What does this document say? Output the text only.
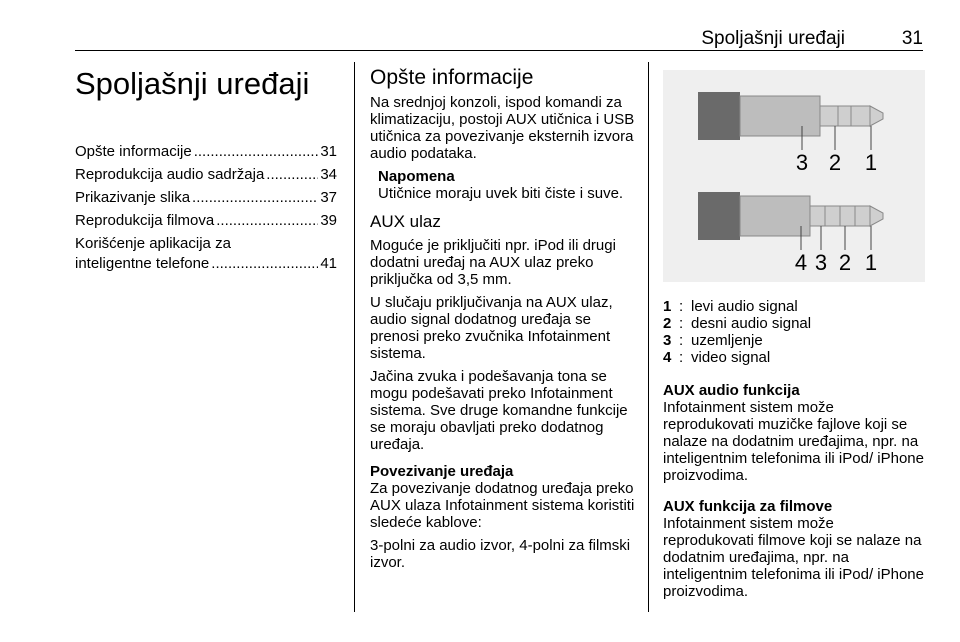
Spoljašnji uređaji	31
Spoljašnji uređaji
Opšte informacije .....	31
Reprodukcija audio sadržaja .....	34
Prikazivanje slika .....	37
Reprodukcija filmova .....	39
Korišćenje aplikacija za
inteligentne telefone .....	41
Opšte informacije

Na srednjoj konzoli, ispod komandi za klimatizaciju, postoji AUX utičnica i USB utičnica za povezivanje eksternih izvora audio podataka.

Napomena

Utičnice moraju uvek biti čiste i suve.

AUX ulaz

Moguće je priključiti npr. iPod ili drugi dodatni uređaj na AUX ulaz preko priključka od 3,5 mm.

U slučaju priključivanja na AUX ulaz, audio signal dodatnog uređaja se prenosi preko zvučnika Infotainment sistema.

Jačina zvuka i podešavanja tona se mogu podešavati preko Infotainment sistema. Sve druge komandne funkcije se moraju obavljati preko dodatnog uređaja.

Povezivanje uređaja

Za povezivanje dodatnog uređaja preko AUX ulaza Infotainment sistema koristiti sledeće kablove:

3-polni za audio izvor, 4-polni za filmski izvor.

3 2 1
4 3 2 1
1 : levi audio signal
2 : desni audio signal
3 : uzemljenje
4 : video signal
AUX audio funkcija

Infotainment sistem može reprodukovati muzičke fajlove koji se nalaze na dodatnim uređajima, npr. na inteligentnim telefonima ili iPod/ iPhone proizvodima.

AUX funkcija za filmove

Infotainment sistem može reprodukovati filmove koji se nalaze na dodatnim uređajima, npr. na inteligentnim telefonima ili iPod/ iPhone proizvodima.
